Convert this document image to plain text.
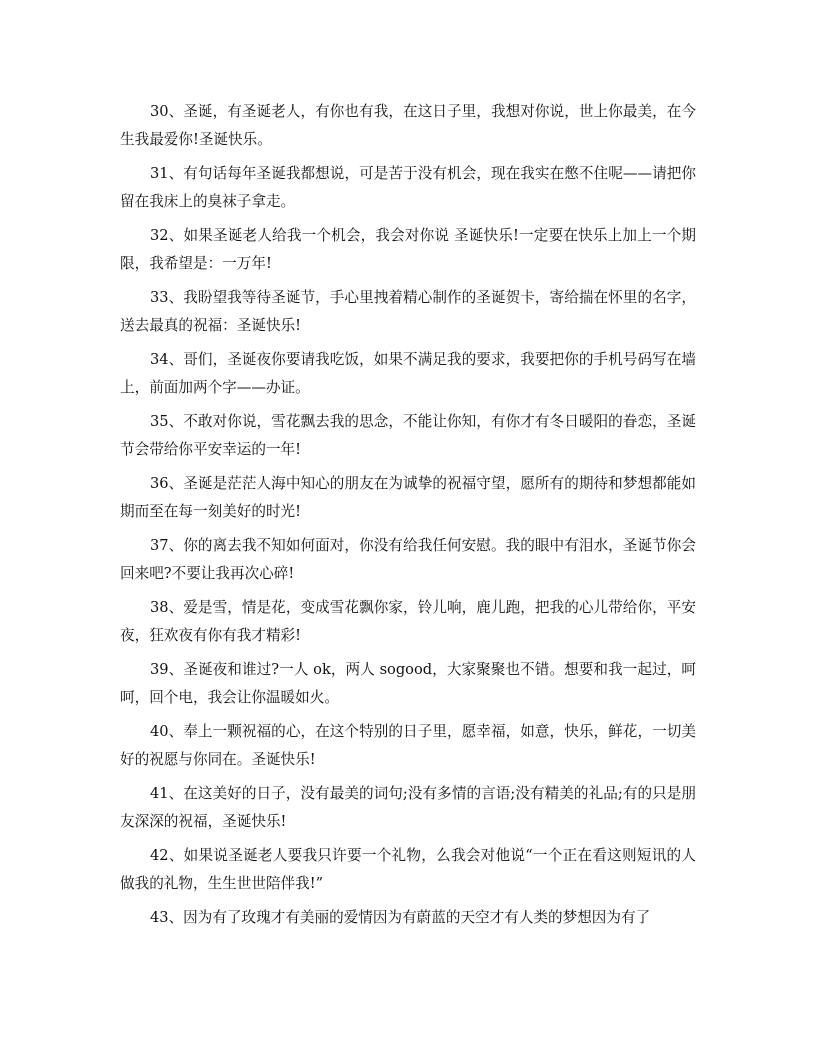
30、圣诞，有圣诞老人，有你也有我，在这日子里，我想对你说，世上你最美，在今生我最爱你!圣诞快乐。

31、有句话每年圣诞我都想说，可是苦于没有机会，现在我实在憋不住呢——请把你留在我床上的臭袜子拿走。

32、如果圣诞老人给我一个机会，我会对你说 圣诞快乐!一定要在快乐上加上一个期限，我希望是：一万年!

33、我盼望我等待圣诞节，手心里拽着精心制作的圣诞贺卡，寄给揣在怀里的名字，送去最真的祝福：圣诞快乐!

34、哥们，圣诞夜你要请我吃饭，如果不满足我的要求，我要把你的手机号码写在墙上，前面加两个字——办证。

35、不敢对你说，雪花飘去我的思念，不能让你知，有你才有冬日暖阳的眷恋，圣诞节会带给你平安幸运的一年!

36、圣诞是茫茫人海中知心的朋友在为诚挚的祝福守望，愿所有的期待和梦想都能如期而至在每一刻美好的时光!

37、你的离去我不知如何面对，你没有给我任何安慰。我的眼中有泪水，圣诞节你会回来吧?不要让我再次心碎!

38、爱是雪，情是花，变成雪花飘你家，铃儿响，鹿儿跑，把我的心儿带给你，平安夜，狂欢夜有你有我才精彩!

39、圣诞夜和谁过?一人 ok，两人 sogood，大家聚聚也不错。想要和我一起过，呵呵，回个电，我会让你温暖如火。

40、奉上一颗祝福的心，在这个特别的日子里，愿幸福，如意，快乐，鲜花，一切美好的祝愿与你同在。圣诞快乐!

41、在这美好的日子，没有最美的词句;没有多情的言语;没有精美的礼品;有的只是朋友深深的祝福，圣诞快乐!

42、如果说圣诞老人要我只许要一个礼物，么我会对他说“一个正在看这则短讯的人做我的礼物，生生世世陪伴我!”

43、因为有了玫瑰才有美丽的爱情因为有蔚蓝的天空才有人类的梦想因为有了
